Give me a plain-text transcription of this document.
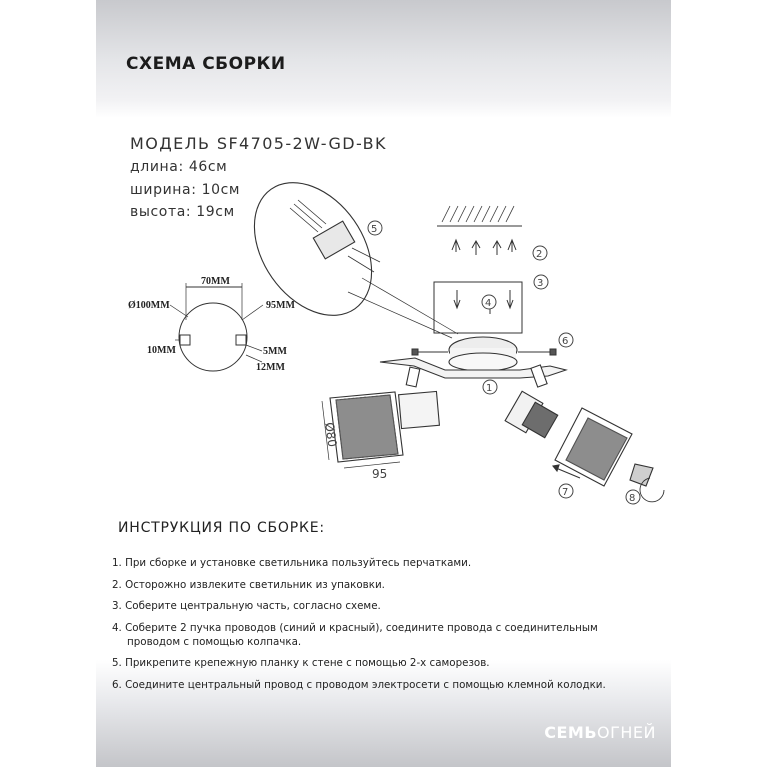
СХЕМА СБОРКИ
МОДЕЛЬ SF4705-2W-GD-BK
длина: 46см
ширина: 10см
высота: 19см
ИНСТРУКЦИЯ ПО СБОРКЕ:
1. При сборке и установке светильника пользуйтесь перчатками.
2. Осторожно извлеките светильник из упаковки.
3. Соберите центральную часть, согласно схеме.
4. Соберите 2 пучка проводов (синий и красный), соедините провода с соединительным
проводом с помощью колпачка.
5. Прикрепите крепежную планку к стене с помощью 2-х саморезов.
6. Соедините центральный провод с проводом электросети с помощью клемной колодки.
СЕМЬОГНЕЙ
70MM
Ø100MM	95MM
10MM	5MM
12MM
95
Ø80
1
2
3
4
5
6
7
8
